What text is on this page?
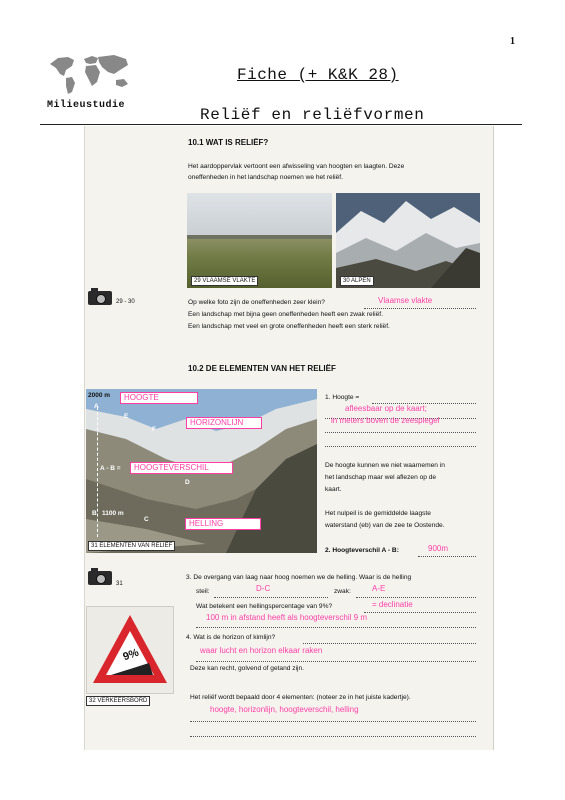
1
Milieustudie
Fiche (+ K&K 28)
Reliëf en reliëfvormen
10.1 WAT IS RELIËF?
Het aardoppervlak vertoont een afwisseling van hoogten en laagten. Deze
oneffenheden in het landschap noemen we het reliëf.
29 VLAAMSE VLAKTE	30 ALPEN
29 - 30	Op welke foto zijn de oneffenheden zeer klein?	Vlaamse vlakte
Een landschap met bijna geen oneffenheden heeft een zwak reliëf.
Een landschap met veel en grote oneffenheden heeft een sterk reliëf.
10.2 DE ELEMENTEN VAN HET RELIËF
2000 m
A
E
F
A - B =
D
B 1100 m
C
HOOGTE
HORIZONLIJN
HOOGTEVERSCHIL
HELLING
31 ELEMENTEN VAN RELIËF
1. Hoogte =
afleesbaar op de kaart;
in meters boven de zeespiegel
De hoogte kunnen we niet waarnemen in
het landschap maar wel aflezen op de
kaart.
Het nulpeil is de gemiddelde laagste
waterstand (eb) van de zee te Oostende.
2. Hoogteverschil A - B:	900m
31
3. De overgang van laag naar hoog noemen we de helling. Waar is de helling
steil:	D-C	zwak:	A-E
Wat betekent een hellingspercentage van 9%?	= declinatie
100 m in afstand heeft als hoogteverschil 9 m
9%
32 VERKEERSBORD
4. Wat is de horizon of kimlijn?
waar lucht en horizon elkaar raken
Deze kan recht, golvend of getand zijn.
Het reliëf wordt bepaald door 4 elementen: (noteer ze in het juiste kadertje).
hoogte, horizonlijn, hoogteverschil, helling
